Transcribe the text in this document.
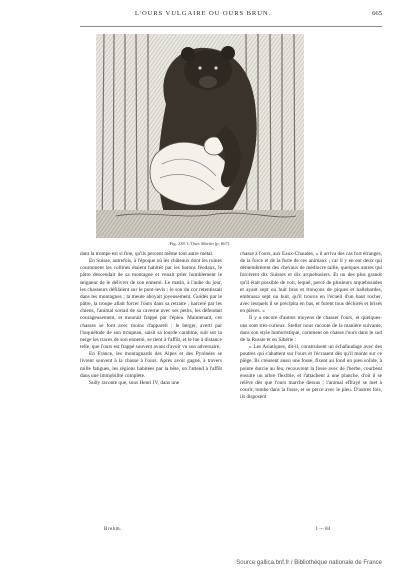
L'OURS VULGAIRE OU OURS BRUN.	665

Fig. 238. L'Ours Martin (p. 667).

dant la trompe est si fine, qu'ils percent même tout autre métal.

En Suisse, autrefois, à l'époque où les châteaux dont les ruines couronnent les collines étaient habités par les barons féodaux, le pâtre descendait de sa montagne et venait prier humblement le seigneur de le délivrer de son ennemi. Le matin, à l'aube du jour, les chasseurs défilaient sur le pont-levis ; le son du cor retentissait dans les montagnes ; la meute aboyait joyeusement. Guidés par le pâtre, la troupe allait forcer l'ours dans sa retraite ; harcelé par les chiens, l'animal sortait de sa caverne avec ses petits, les défendait courageusement, et mourait frappé par l'épieu. Maintenant, ces chasses se font avec moins d'appareil : le berger, averti par l'inquiétude de son troupeau, saisit sa lourde carabine, suit sur la neige les traces de son ennemi, se tient à l'affût, et le tue à distance telle, que l'ours est frappé souvent avant d'avoir vu son adversaire.

En France, les montagnards des Alpes et des Pyrénées se livrent souvent à la chasse à l'ours. Après avoir gagné, à travers mille fatigues, les régions habitées par la bête, on l'attend à l'affût dans une immobilité complète.

Sully raconte que, sous Henri IV, dans une

chasse à l'ours, aux Eaux-Chaudes, « il arriva des cas fort étranges, de la force et de la furie de ces animaux ; car il y en eut deux qui démembrèrent des chevaux de médiocre taille, quelques autres qui forcèrent dix Suisses et dix arquebusiers. Et un des plus grands qu'il était possible de voir, lequel, percé de plusieurs arquebusades et ayant sept ou huit bras et tronçons de piques et hallebardes, embrassa sept ou huit, qu'il trouva en l'écueil d'un haut rocher, avec lesquels il se précipita en bas, et furent tous déchirés et brisés en pièces. »

Il y a encore d'autres moyens de chasser l'ours, et quelques-uns sont très-curieux. Steller nous raconte de la manière suivante, dans son style humoristique, comment on chasse l'ours dans le sud de la Russie et en Sibérie :

« Les Asiatiques, dit-il, construisent un échafaudage avec des poutres qui s'abattent sur l'ours et l'écrasent dès qu'il monte sur ce piège. Ils creusent aussi une fosse, fixent au fond un pieu solide, à pointe durcie au feu, recouvrent la fosse avec de l'herbe, courbent ensuite un arbre flexible, et l'attachent à une planche, d'où il se relève dès que l'ours marche dessus ; l'animal effrayé se met à courir, tombe dans la fosse, et se perce avec le pieu. D'autres fois, ils disposent

Brehm.	I — 84
Source gallica.bnf.fr / Bibliothèque nationale de France
